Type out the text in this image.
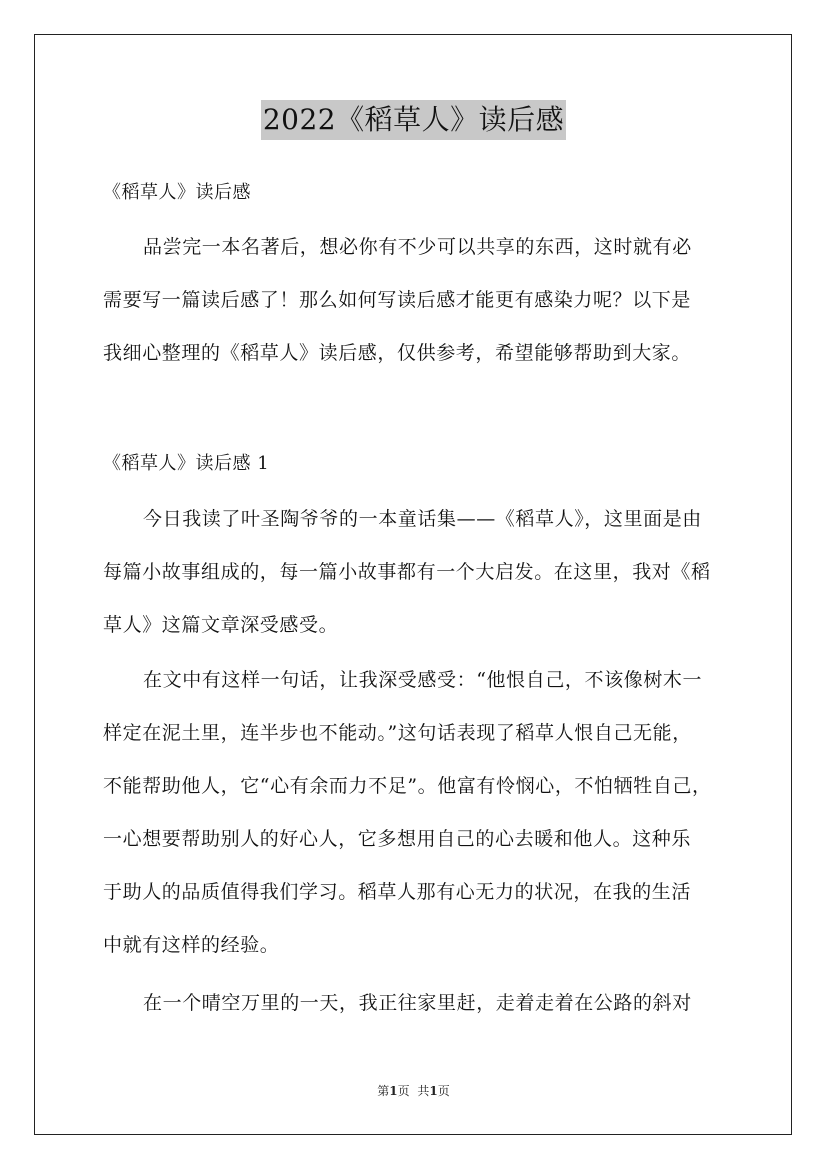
2022《稻草人》读后感
《稻草人》读后感
品尝完一本名著后，想必你有不少可以共享的东西，这时就有必
需要写一篇读后感了！那么如何写读后感才能更有感染力呢？以下是
我细心整理的《稻草人》读后感，仅供参考，希望能够帮助到大家。
《稻草人》读后感 1
今日我读了叶圣陶爷爷的一本童话集——《稻草人》，这里面是由
每篇小故事组成的，每一篇小故事都有一个大启发。在这里，我对《稻
草人》这篇文章深受感受。
在文中有这样一句话，让我深受感受：“他恨自己，不该像树木一
样定在泥土里，连半步也不能动。”这句话表现了稻草人恨自己无能，
不能帮助他人，它“心有余而力不足”。他富有怜悯心，不怕牺牲自己，
一心想要帮助别人的好心人，它多想用自己的心去暖和他人。这种乐
于助人的品质值得我们学习。稻草人那有心无力的状况，在我的生活
中就有这样的经验。
在一个晴空万里的一天，我正往家里赶，走着走着在公路的斜对
第1页 共1页
